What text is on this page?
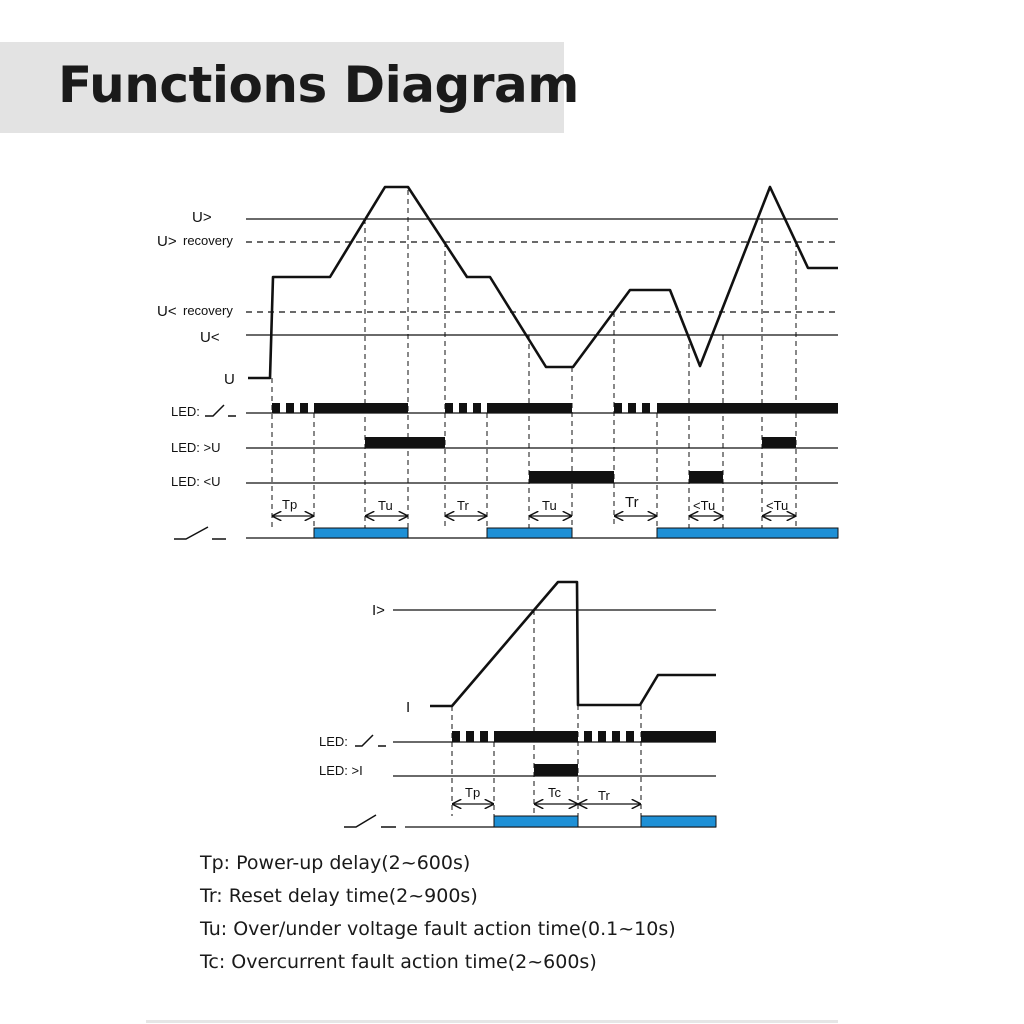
Functions Diagram
U>
U> recovery
U< recovery
U<
U
LED:
LED: >U
LED: <U
Tp	Tu	Tr	Tu	Tr	<Tu	<Tu
I>
I
LED:
LED: >I
Tp	Tc	Tr
Tp: Power-up delay(2~600s)
Tr: Reset delay time(2~900s)
Tu: Over/under voltage fault action time(0.1~10s)
Tc: Overcurrent fault action time(2~600s)
